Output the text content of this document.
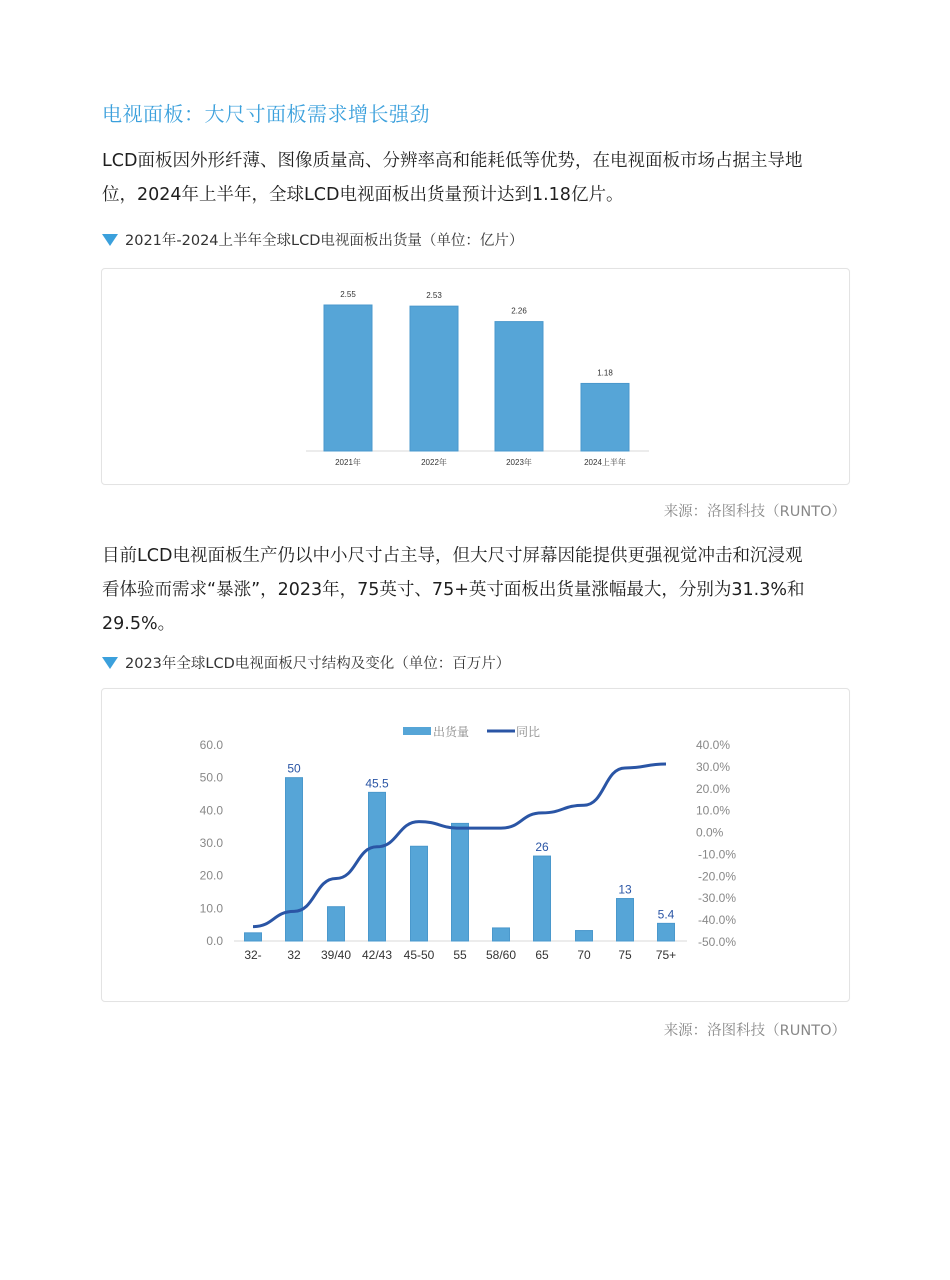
电视面板：大尺寸面板需求增长强劲
LCD面板因外形纤薄、图像质量高、分辨率高和能耗低等优势，在电视面板市场占据主导地
位，2024年上半年，全球LCD电视面板出货量预计达到1.18亿片。
2021年-2024上半年全球LCD电视面板出货量（单位：亿片）
2.55
2021年
2.53
2022年
2.26
2023年
1.18
2024上半年
来源：洛图科技（RUNTO）
目前LCD电视面板生产仍以中小尺寸占主导，但大尺寸屏幕因能提供更强视觉冲击和沉浸观
看体验而需求“暴涨”，2023年，75英寸、75+英寸面板出货量涨幅最大，分别为31.3%和
29.5%。
2023年全球LCD电视面板尺寸结构及变化（单位：百万片）
出货量	同比
60.0
50.0
40.0
30.0
20.0
10.0
0.0
40.0%
30.0%
20.0%
10.0%
0.0%
-10.0%
-20.0%
-30.0%
-40.0%
-50.0%
32-
50
32 39/40
45.5
42/43 45-50 55 58/60
26
65 70
13
75
5.4
75+
来源：洛图科技（RUNTO）
